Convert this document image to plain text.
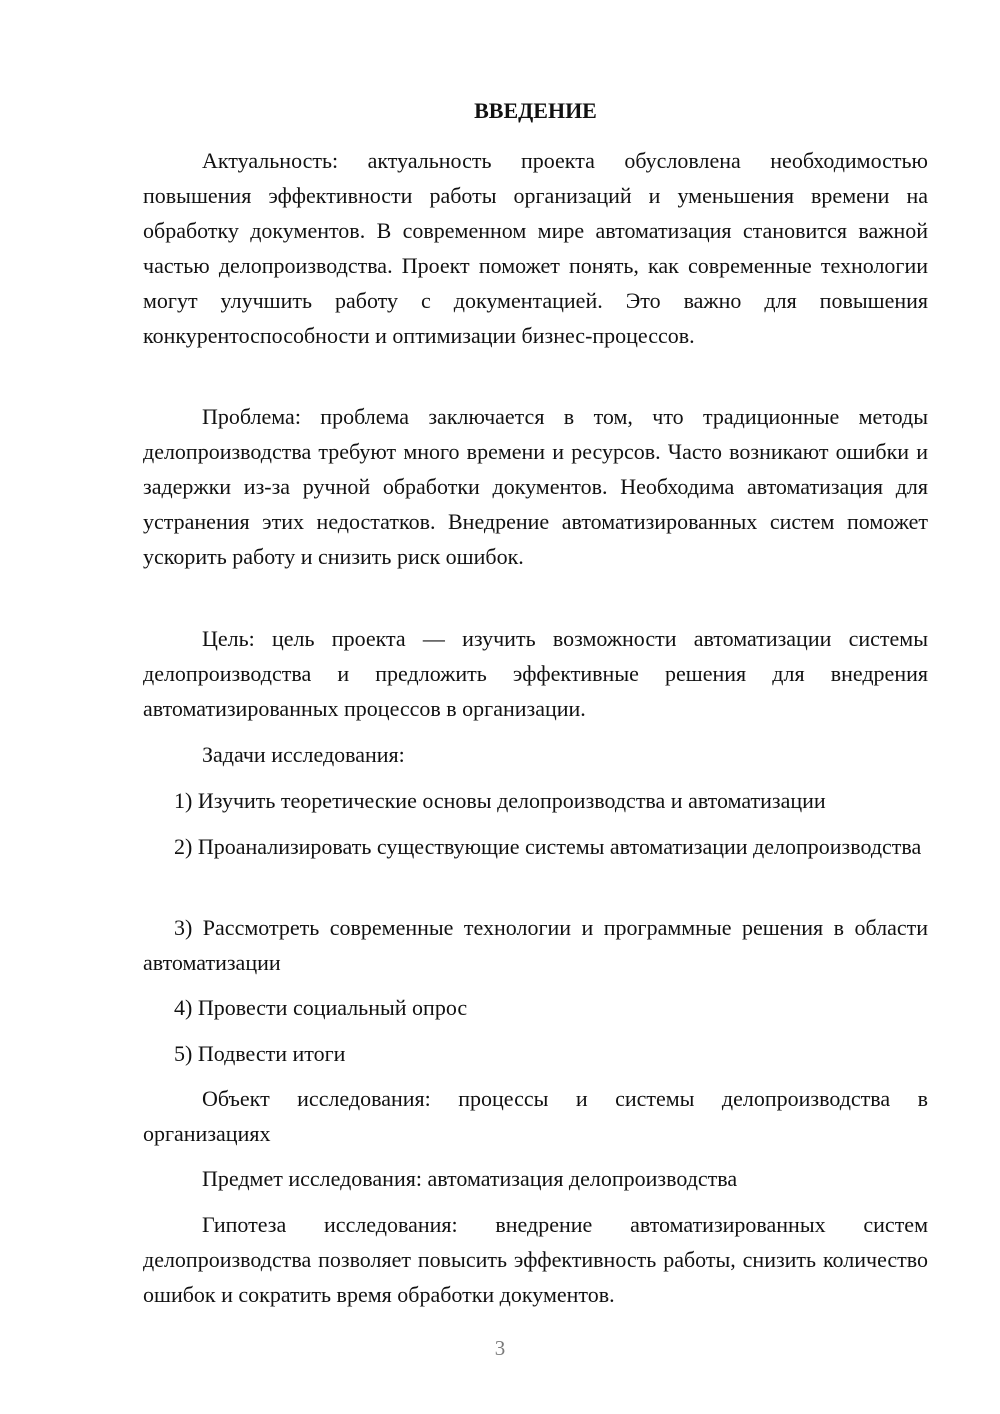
ВВЕДЕНИЕ

Актуальность: актуальность проекта обусловлена необходимостью повышения эффективности работы организаций и уменьшения времени на обработку документов. В современном мире автоматизация становится важной частью делопроизводства. Проект поможет понять, как современные технологии могут улучшить работу с документацией. Это важно для повышения конкурентоспособности и оптимизации бизнес-процессов.

Проблема: проблема заключается в том, что традиционные методы делопроизводства требуют много времени и ресурсов. Часто возникают ошибки и задержки из-за ручной обработки документов. Необходима автоматизация для устранения этих недостатков. Внедрение автоматизированных систем поможет ускорить работу и снизить риск ошибок.

Цель: цель проекта — изучить возможности автоматизации системы делопроизводства и предложить эффективные решения для внедрения автоматизированных процессов в организации.

Задачи исследования:

1) Изучить теоретические основы делопроизводства и автоматизации

2) Проанализировать существующие системы автоматизации делопроизводства

3) Рассмотреть современные технологии и программные решения в области автоматизации

4) Провести социальный опрос

5) Подвести итоги

Объект исследования: процессы и системы делопроизводства в организациях

Предмет исследования: автоматизация делопроизводства

Гипотеза исследования: внедрение автоматизированных систем делопроизводства позволяет повысить эффективность работы, снизить количество ошибок и сократить время обработки документов.

3
